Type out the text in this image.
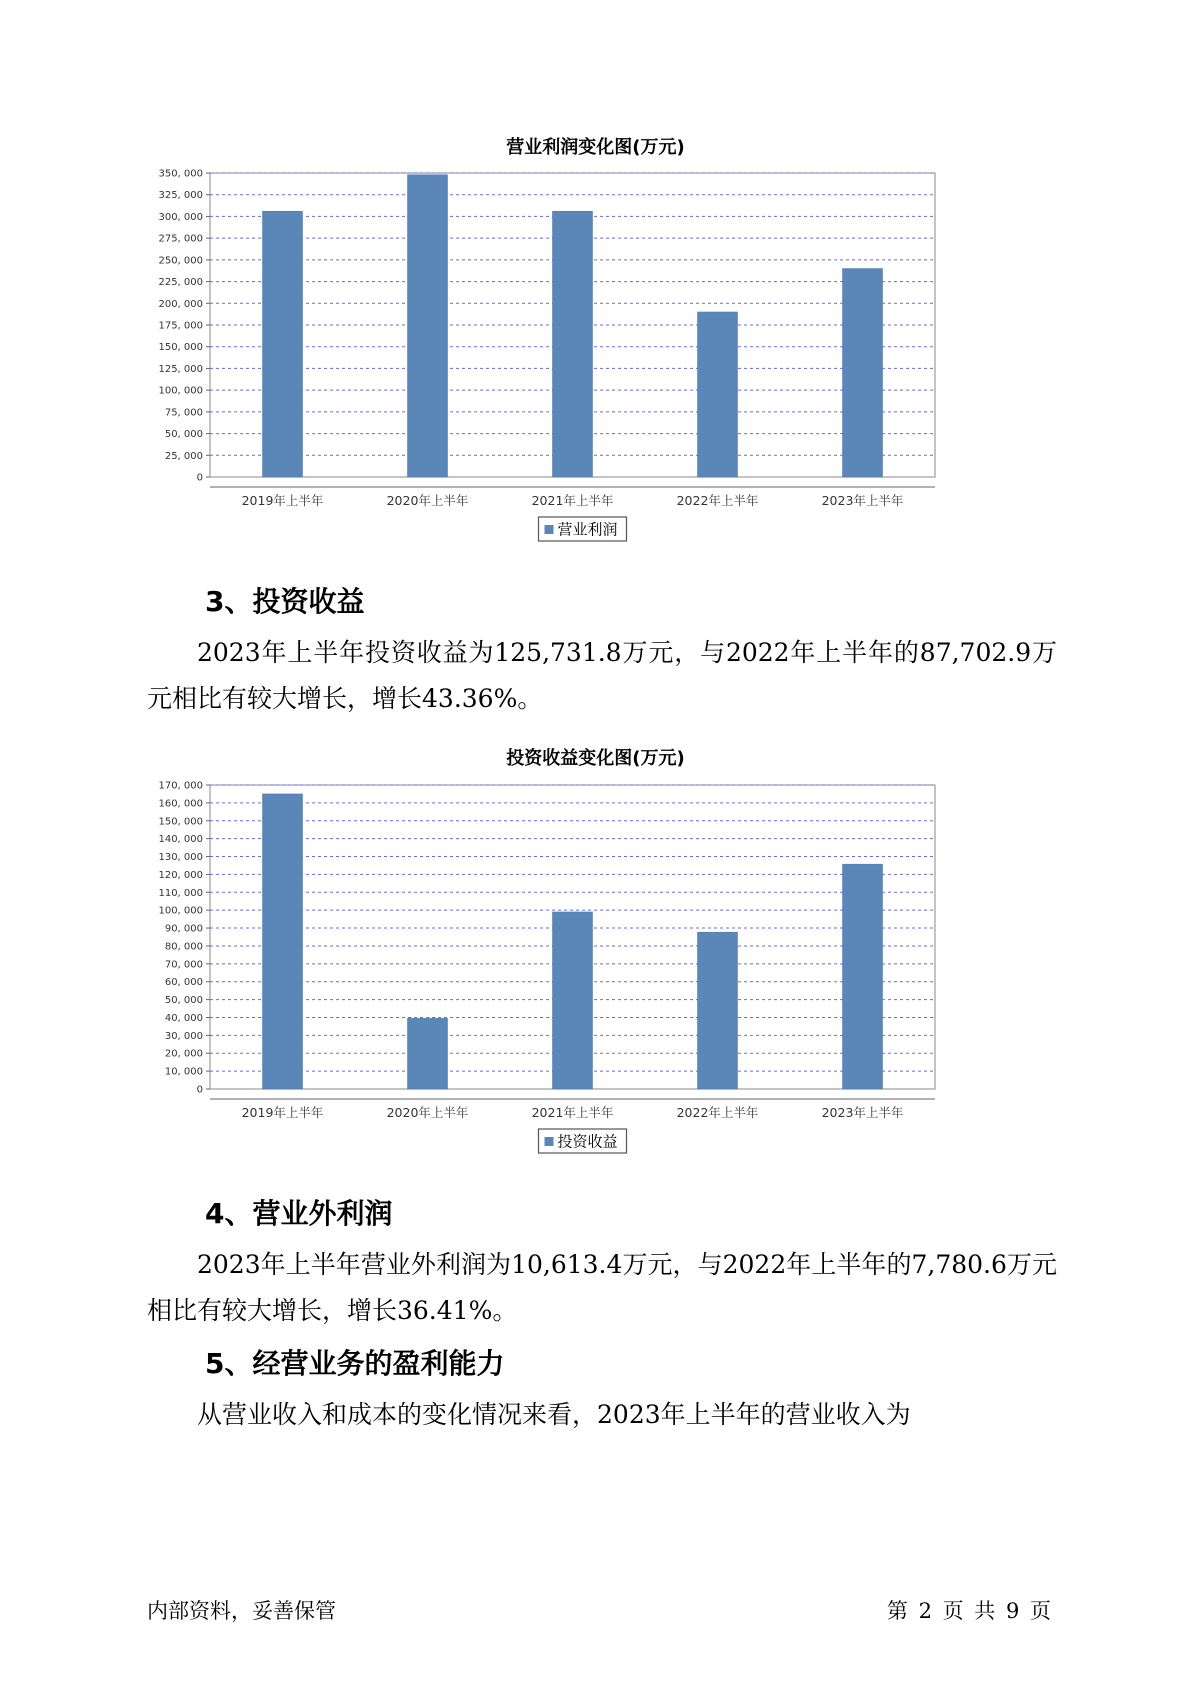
营业利润变化图(万元)
0
25, 000
50, 000
75, 000
100, 000
125, 000
150, 000
175, 000
200, 000
225, 000
250, 000
275, 000
300, 000
325, 000
350, 000
2019年上半年	2020年上半年	2021年上半年	2022年上半年	2023年上半年
营业利润
3、投资收益

2023年上半年投资收益为125,731.8万元，与2022年上半年的87,702.9万元相比有较大增长，增长43.36%。

投资收益变化图(万元)
0
10, 000
20, 000
30, 000
40, 000
50, 000
60, 000
70, 000
80, 000
90, 000
100, 000
110, 000
120, 000
130, 000
140, 000
150, 000
160, 000
170, 000
2019年上半年	2020年上半年	2021年上半年	2022年上半年	2023年上半年
投资收益
4、营业外利润

2023年上半年营业外利润为10,613.4万元，与2022年上半年的7,780.6万元相比有较大增长，增长36.41%。

5、经营业务的盈利能力

从营业收入和成本的变化情况来看，2023年上半年的营业收入为

内部资料，妥善保管	第 2 页 共 9 页
